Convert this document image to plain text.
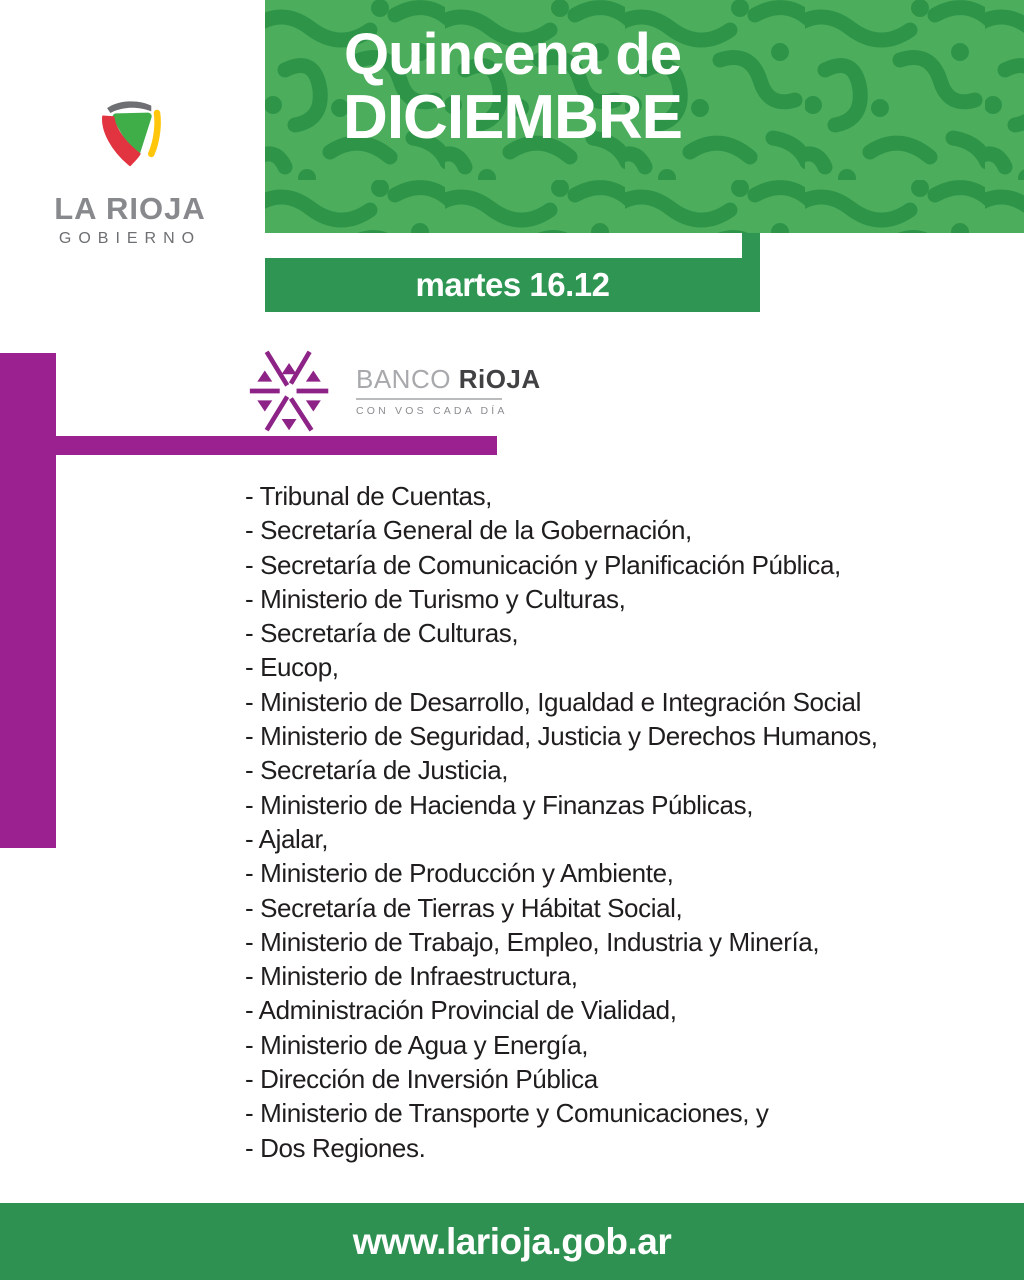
LA RIOJA
GOBIERNO
Quincena de
DICIEMBRE
martes 16.12
BANCO RiOJA
CON VOS CADA DÍA
- Tribunal de Cuentas,
- Secretaría General de la Gobernación,
- Secretaría de Comunicación y Planificación Pública,
- Ministerio de Turismo y Culturas,
- Secretaría de Culturas,
- Eucop,
- Ministerio de Desarrollo, Igualdad e Integración Social
- Ministerio de Seguridad, Justicia y Derechos Humanos,
- Secretaría de Justicia,
- Ministerio de Hacienda y Finanzas Públicas,
- Ajalar,
- Ministerio de Producción y Ambiente,
- Secretaría de Tierras y Hábitat Social,
- Ministerio de Trabajo, Empleo, Industria y Minería,
- Ministerio de Infraestructura,
- Administración Provincial de Vialidad,
- Ministerio de Agua y Energía,
- Dirección de Inversión Pública
- Ministerio de Transporte y Comunicaciones, y
- Dos Regiones.
www.larioja.gob.ar
